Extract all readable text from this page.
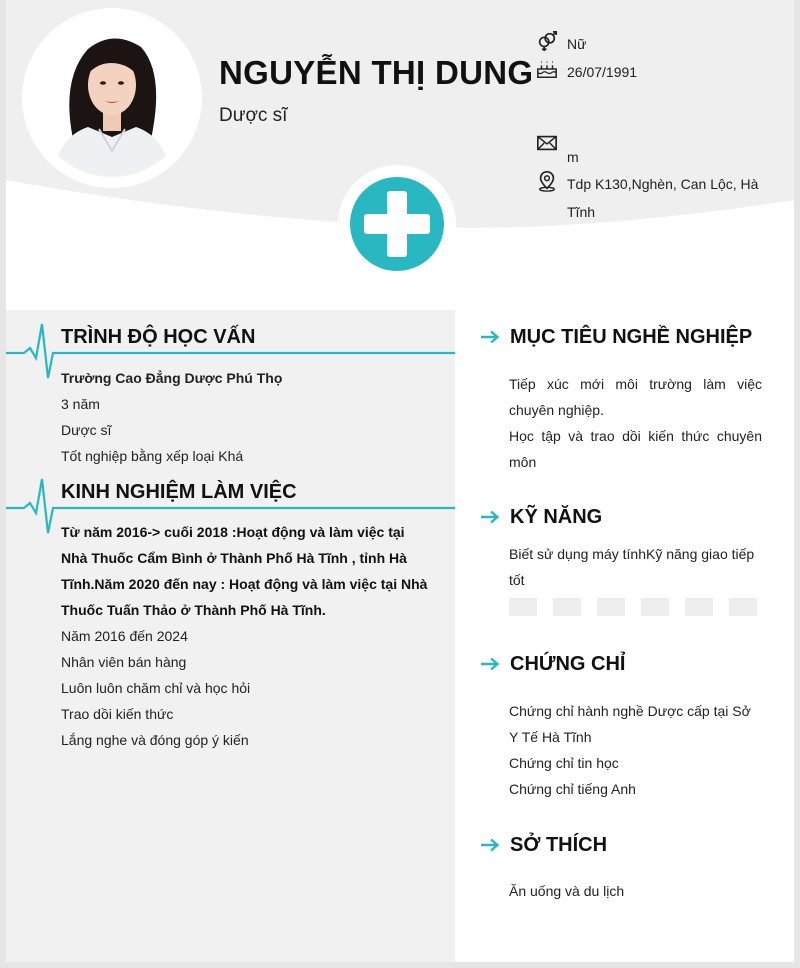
NGUYỄN THỊ DUNG
Dược sĩ
Nữ
26/07/1991
m
Tdp K130,Nghèn, Can Lộc, Hà Tĩnh
TRÌNH ĐỘ HỌC VẤN
Trường Cao Đẳng Dược Phú Thọ
3 năm
Dược sĩ
Tốt nghiệp bằng xếp loại Khá
KINH NGHIỆM LÀM VIỆC
Từ năm 2016-> cuối 2018 :Hoạt động và làm việc tại Nhà Thuốc Cẩm Bình ở Thành Phố Hà Tĩnh , tỉnh Hà Tĩnh.Năm 2020 đến nay : Hoạt động và làm việc tại Nhà Thuốc Tuấn Thảo ở Thành Phố Hà Tĩnh.
Năm 2016 đến 2024
Nhân viên bán hàng
Luôn luôn chăm chỉ và học hỏi
Trao dồi kiến thức
Lắng nghe và đóng góp ý kiến
MỤC TIÊU NGHỀ NGHIỆP
Tiếp xúc mới môi trường làm việc chuyên nghiệp.
Học tập và trao dồi kiến thức chuyên môn
KỸ NĂNG
Biết sử dụng máy tínhKỹ năng giao tiếp tốt
CHỨNG CHỈ
Chứng chỉ hành nghề Dược cấp tại Sở Y Tế Hà Tĩnh
Chứng chỉ tin học
Chứng chỉ tiếng Anh
SỞ THÍCH
Ăn uống và du lịch
